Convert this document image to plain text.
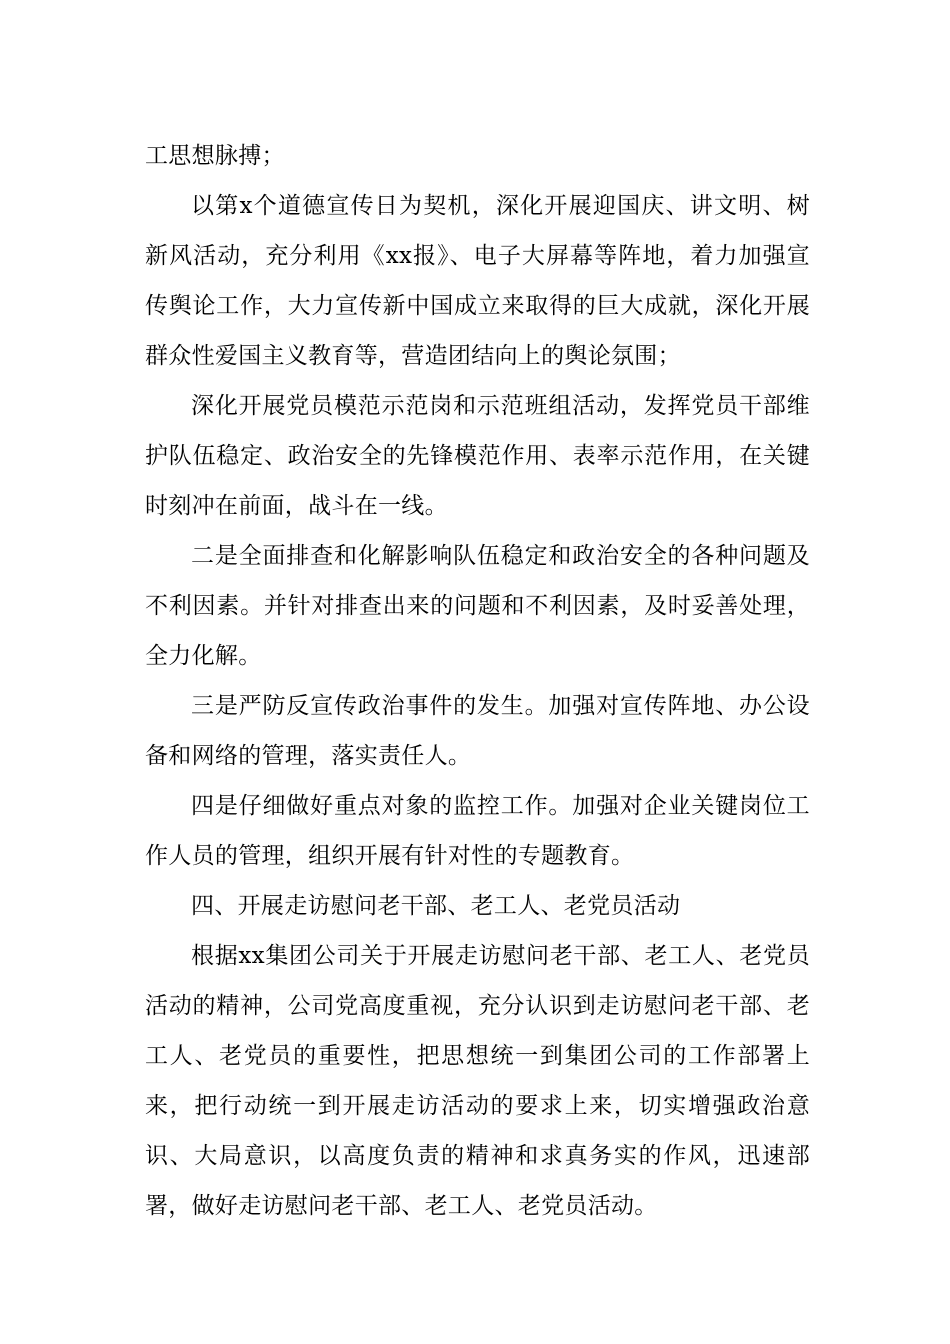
工思想脉搏；

以第x个道德宣传日为契机，深化开展迎国庆、讲文明、树新风活动，充分利用《xx报》、电子大屏幕等阵地，着力加强宣传舆论工作，大力宣传新中国成立来取得的巨大成就，深化开展群众性爱国主义教育等，营造团结向上的舆论氛围；

深化开展党员模范示范岗和示范班组活动，发挥党员干部维护队伍稳定、政治安全的先锋模范作用、表率示范作用，在关键时刻冲在前面，战斗在一线。

二是全面排查和化解影响队伍稳定和政治安全的各种问题及不利因素。并针对排查出来的问题和不利因素，及时妥善处理，全力化解。

三是严防反宣传政治事件的发生。加强对宣传阵地、办公设备和网络的管理，落实责任人。

四是仔细做好重点对象的监控工作。加强对企业关键岗位工作人员的管理，组织开展有针对性的专题教育。

四、开展走访慰问老干部、老工人、老党员活动

根据xx集团公司关于开展走访慰问老干部、老工人、老党员活动的精神，公司党高度重视，充分认识到走访慰问老干部、老工人、老党员的重要性，把思想统一到集团公司的工作部署上来，把行动统一到开展走访活动的要求上来，切实增强政治意识、大局意识，以高度负责的精神和求真务实的作风，迅速部署，做好走访慰问老干部、老工人、老党员活动。
